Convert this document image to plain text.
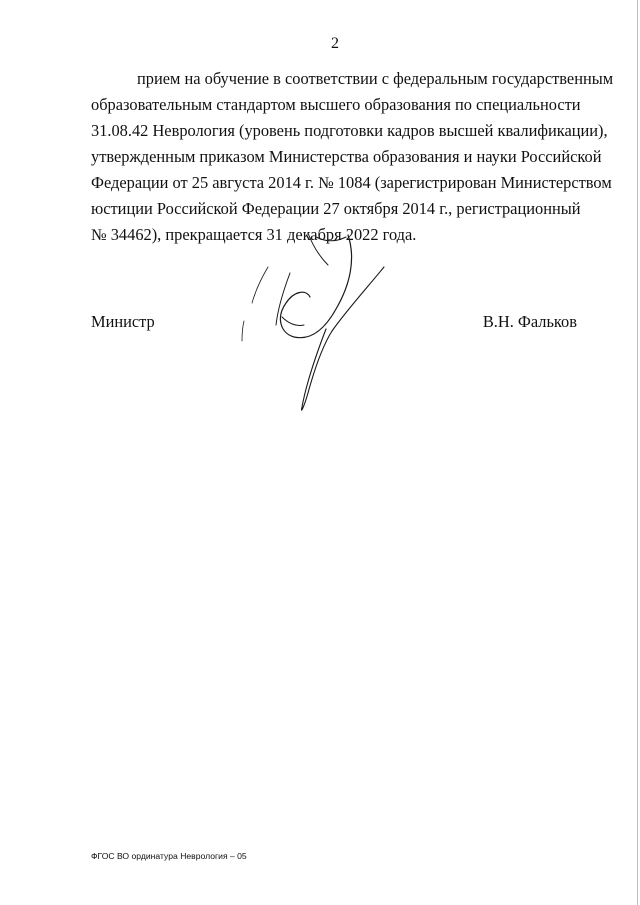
2
прием на обучение в соответствии с федеральным государственным
образовательным стандартом высшего образования по специальности
31.08.42 Неврология (уровень подготовки кадров высшей квалификации),
утвержденным приказом Министерства образования и науки Российской
Федерации от 25 августа 2014 г. № 1084 (зарегистрирован Министерством
юстиции Российской Федерации 27 октября 2014 г., регистрационный
№ 34462), прекращается 31 декабря 2022 года.
Министр	В.Н. Фальков
ФГОС ВО ординатура Неврология – 05
